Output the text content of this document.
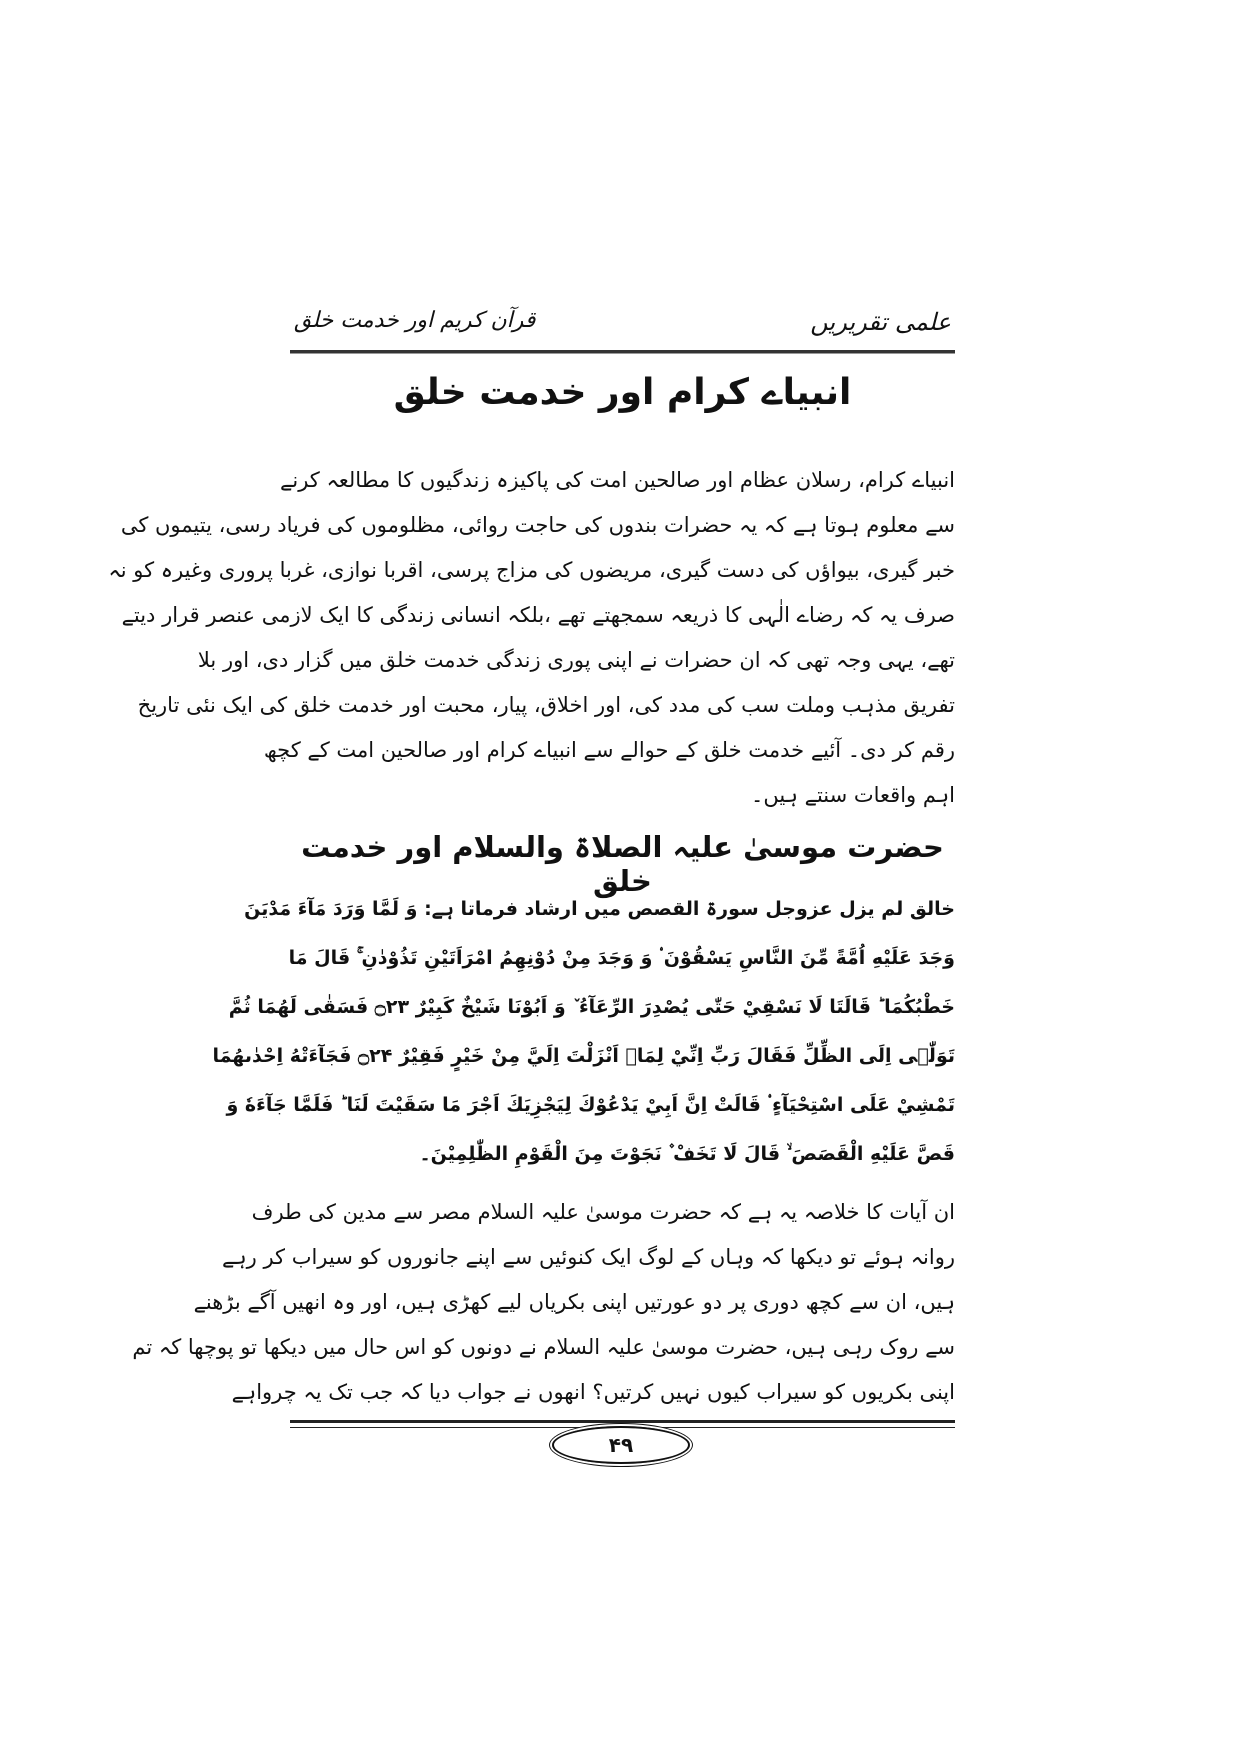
علمی تقریریں
قرآن کریم اور خدمت خلق
انبیاے کرام اور خدمت خلق
انبیاے کرام، رسلان عظام اور صالحین امت کی پاکیزہ زندگیوں کا مطالعہ کرنے
سے معلوم ہوتا ہے کہ یہ حضرات بندوں کی حاجت روائی، مظلوموں کی فریاد رسی، یتیموں کی
خبر گیری، بیواؤں کی دست گیری، مریضوں کی مزاج پرسی، اقربا نوازی، غربا پروری وغیرہ کو نہ
صرف یہ کہ رضاے الٰہی کا ذریعہ سمجھتے تھے ،بلکہ انسانی زندگی کا ایک لازمی عنصر قرار دیتے
تھے، یہی وجہ تھی کہ ان حضرات نے اپنی پوری زندگی خدمت خلق میں گزار دی، اور بلا
تفریق مذہب وملت سب کی مدد کی، اور اخلاق، پیار، محبت اور خدمت خلق کی ایک نئی تاریخ
رقم کر دی۔ آئیے خدمت خلق کے حوالے سے انبیاے کرام اور صالحین امت کے کچھ
اہم واقعات سنتے ہیں۔
حضرت موسیٰ علیہ الصلاۃ والسلام اور خدمت خلق
خالق لم یزل عزوجل سورۃ القصص میں ارشاد فرماتا ہے: وَ لَمَّا وَرَدَ مَآءَ مَدْيَنَ
وَجَدَ عَلَيْهِ اُمَّةً مِّنَ النَّاسِ يَسْقُوْنَ ۟ وَ وَجَدَ مِنْ دُوْنِهِمُ امْرَاَتَيْنِ تَذُوْدٰنِ ۚ قَالَ مَا
خَطْبُكُمَا ؕ قَالَتَا لَا نَسْقِيْ حَتّٰى يُصْدِرَ الرِّعَآءُ ٚ وَ اَبُوْنَا شَيْخٌ كَبِيْرٌ ۝۲۳ فَسَقٰى لَهُمَا ثُمَّ
تَوَلّٰۤى اِلَى الظِّلِّ فَقَالَ رَبِّ اِنِّيْ لِمَاۤ اَنْزَلْتَ اِلَيَّ مِنْ خَيْرٍ فَقِيْرٌ ۝۲۴ فَجَآءَتْهُ اِحْدٰىهُمَا
تَمْشِيْ عَلَى اسْتِحْيَآءٍ ۟ قَالَتْ اِنَّ اَبِيْ يَدْعُوْكَ لِيَجْزِيَكَ اَجْرَ مَا سَقَيْتَ لَنَا ؕ فَلَمَّا جَآءَهٗ وَ
قَصَّ عَلَيْهِ الْقَصَصَ ۙ قَالَ لَا تَخَفْ ۫ نَجَوْتَ مِنَ الْقَوْمِ الظّٰلِمِيْنَ۔
ان آیات کا خلاصہ یہ ہے کہ حضرت موسیٰ علیہ السلام مصر سے مدین کی طرف
روانہ ہوئے تو دیکھا کہ وہاں کے لوگ ایک کنوئیں سے اپنے جانوروں کو سیراب کر رہے
ہیں، ان سے کچھ دوری پر دو عورتیں اپنی بکریاں لیے کھڑی ہیں، اور وہ انھیں آگے بڑھنے
سے روک رہی ہیں، حضرت موسیٰ علیہ السلام نے دونوں کو اس حال میں دیکھا تو پوچھا کہ تم
اپنی بکریوں کو سیراب کیوں نہیں کرتیں؟ انھوں نے جواب دیا کہ جب تک یہ چرواہے
۴۹
